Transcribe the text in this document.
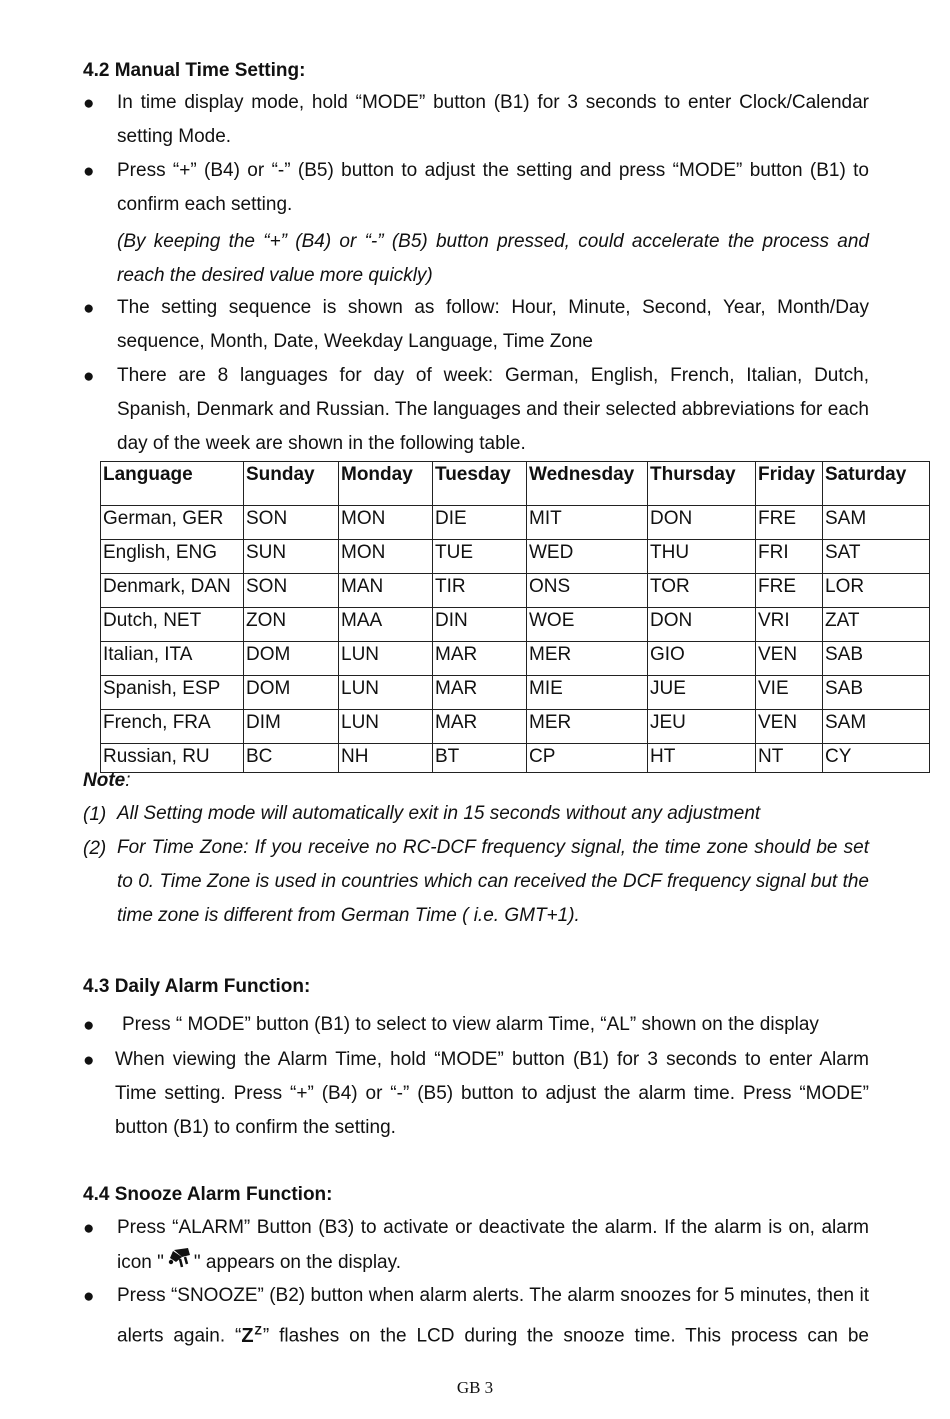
4.2 Manual Time Setting:
● In time display mode, hold “MODE” button (B1) for 3 seconds to enter Clock/Calendar setting Mode.

● Press “+” (B4) or “-” (B5) button to adjust the setting and press “MODE” button (B1) to confirm each setting.

(By keeping the “+” (B4) or “-” (B5) button pressed, could accelerate the process and reach the desired value more quickly)

● The setting sequence is shown as follow: Hour, Minute, Second, Year, Month/Day sequence, Month, Date, Weekday Language, Time Zone

● There are 8 languages for day of week: German, English, French, Italian, Dutch, Spanish, Denmark and Russian. The languages and their selected abbreviations for each day of the week are shown in the following table.

Language	Sunday	Monday	Tuesday	Wednesday	Thursday	Friday	Saturday
German, GER	SON	MON	DIE	MIT	DON	FRE	SAM
English, ENG	SUN	MON	TUE	WED	THU	FRI	SAT
Denmark, DAN	SON	MAN	TIR	ONS	TOR	FRE	LOR
Dutch, NET	ZON	MAA	DIN	WOE	DON	VRI	ZAT
Italian, ITA	DOM	LUN	MAR	MER	GIO	VEN	SAB
Spanish, ESP	DOM	LUN	MAR	MIE	JUE	VIE	SAB
French, FRA	DIM	LUN	MAR	MER	JEU	VEN	SAM
Russian, RU	BC	NH	BT	CP	HT	NT	CY
Note:
(1) All Setting mode will automatically exit in 15 seconds without any adjustment

(2) For Time Zone: If you receive no RC-DCF frequency signal, the time zone should be set to 0. Time Zone is used in countries which can received the DCF frequency signal but the time zone is different from German Time ( i.e. GMT+1).

4.3 Daily Alarm Function:
● Press “ MODE” button (B1) to select to view alarm Time, “AL” shown on the display

● When viewing the Alarm Time, hold “MODE” button (B1) for 3 seconds to enter Alarm Time setting. Press “+” (B4) or “-” (B5) button to adjust the alarm time. Press “MODE” button (B1) to confirm the setting.

4.4 Snooze Alarm Function:
● Press “ALARM” Button (B3) to activate or deactivate the alarm. If the alarm is on, alarm icon " " appears on the display.

● Press “SNOOZE” (B2) button when alarm alerts. The alarm snoozes for 5 minutes, then it alerts again. “$Z^Z$” flashes on the LCD during the snooze time. This process can be

GB 3
